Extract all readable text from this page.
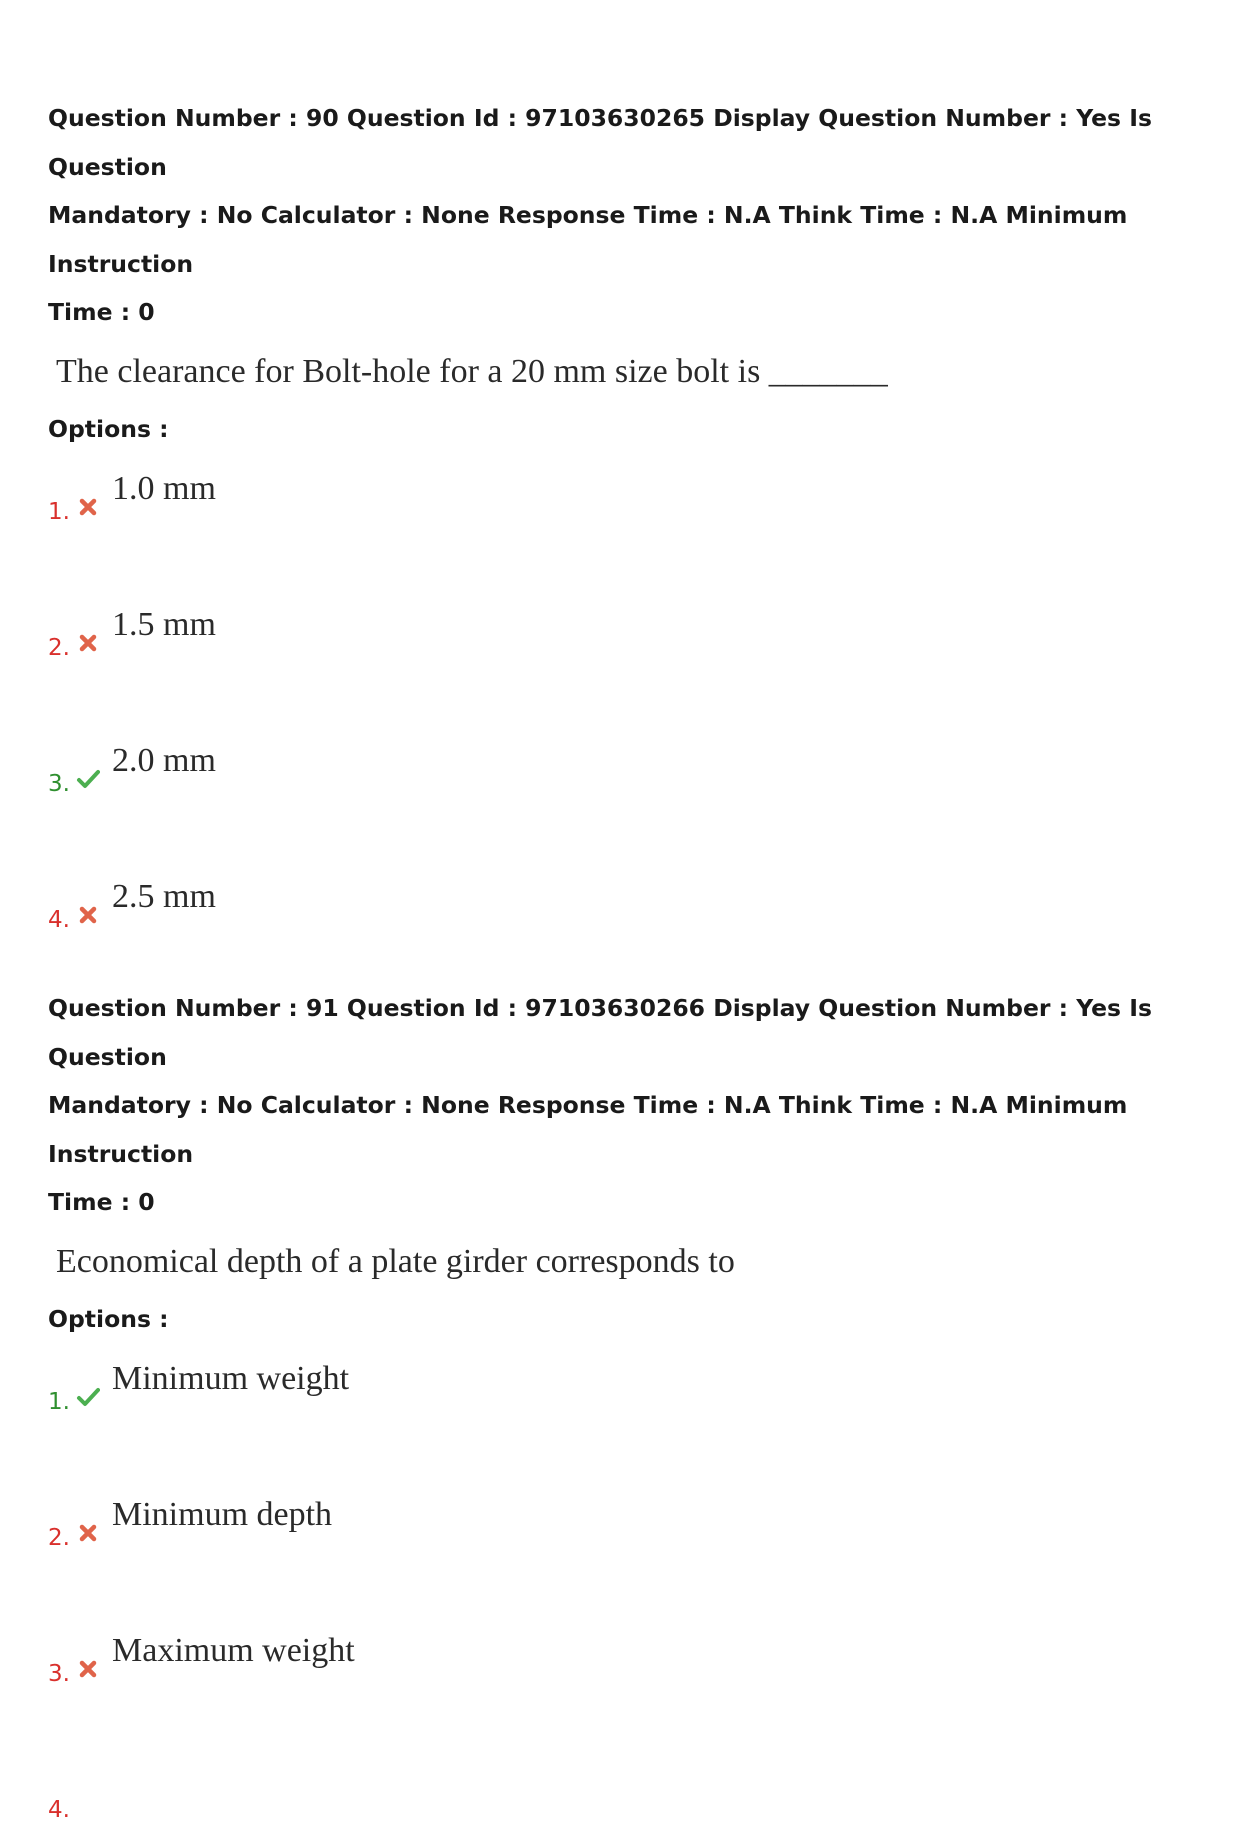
Question Number : 90 Question Id : 97103630265 Display Question Number : Yes Is Question

Mandatory : No Calculator : None Response Time : N.A Think Time : N.A Minimum Instruction

Time : 0

The clearance for Bolt-hole for a 20 mm size bolt is _______
Options :
1.
1.0 mm
2.
1.5 mm
3.
2.0 mm
4.
2.5 mm

Question Number : 91 Question Id : 97103630266 Display Question Number : Yes Is Question

Mandatory : No Calculator : None Response Time : N.A Think Time : N.A Minimum Instruction

Time : 0

Economical depth of a plate girder corresponds to
Options :
1.
Minimum weight
2.
Minimum depth
3.
Maximum weight
4.
